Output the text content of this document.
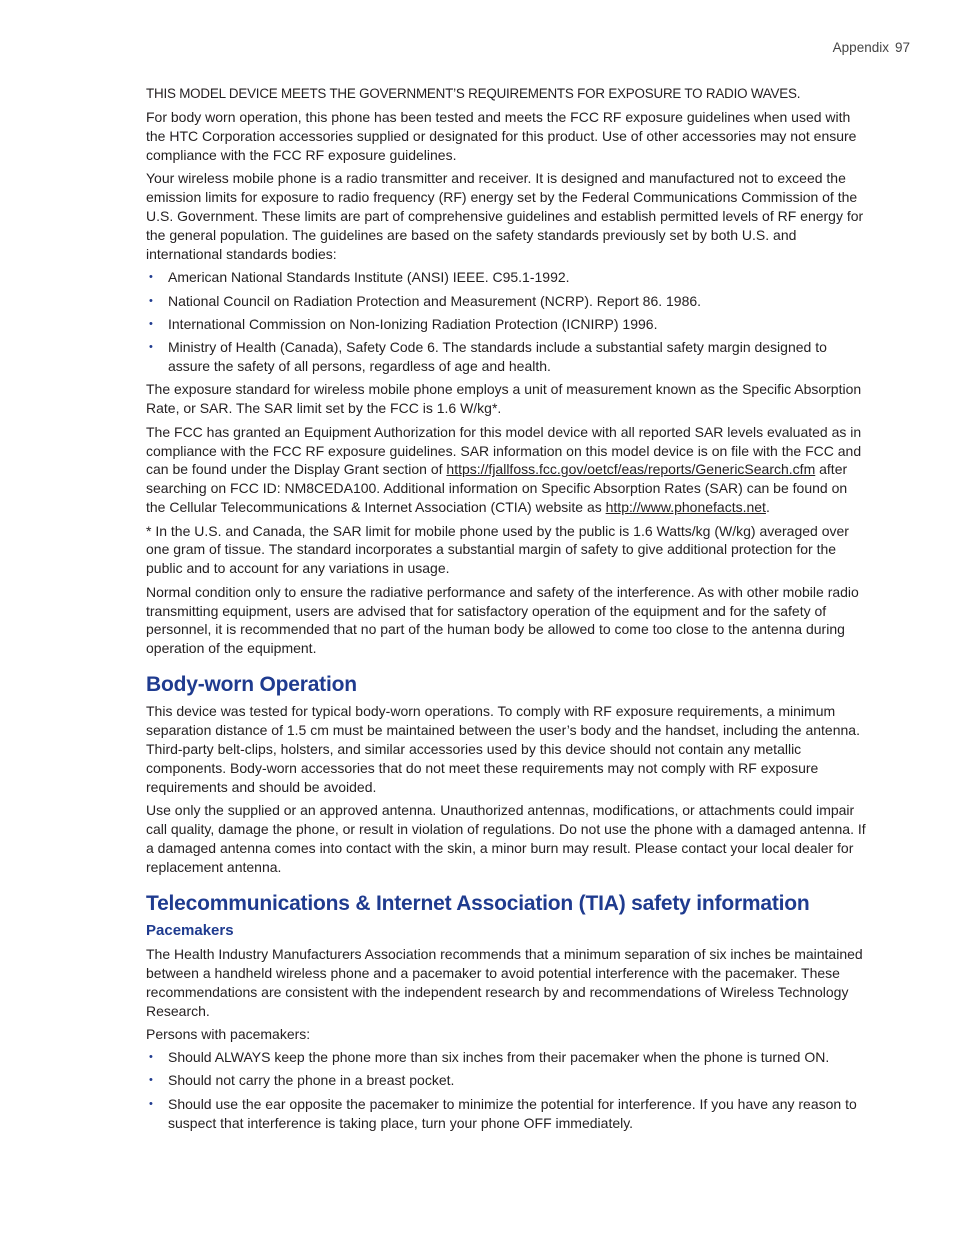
Appendix 97

THIS MODEL DEVICE MEETS THE GOVERNMENT’S REQUIREMENTS FOR EXPOSURE TO RADIO WAVES.

For body worn operation, this phone has been tested and meets the FCC RF exposure guidelines when used with the HTC Corporation accessories supplied or designated for this product. Use of other accessories may not ensure compliance with the FCC RF exposure guidelines.

Your wireless mobile phone is a radio transmitter and receiver. It is designed and manufactured not to exceed the emission limits for exposure to radio frequency (RF) energy set by the Federal Communications Commission of the U.S. Government. These limits are part of comprehensive guidelines and establish permitted levels of RF energy for the general population. The guidelines are based on the safety standards previously set by both U.S. and international standards bodies:

• American National Standards Institute (ANSI) IEEE. C95.1-1992.
• National Council on Radiation Protection and Measurement (NCRP). Report 86. 1986.
• International Commission on Non-Ionizing Radiation Protection (ICNIRP) 1996.
• Ministry of Health (Canada), Safety Code 6. The standards include a substantial safety margin designed to assure the safety of all persons, regardless of age and health.

The exposure standard for wireless mobile phone employs a unit of measurement known as the Specific Absorption Rate, or SAR. The SAR limit set by the FCC is 1.6 W/kg*.

The FCC has granted an Equipment Authorization for this model device with all reported SAR levels evaluated as in compliance with the FCC RF exposure guidelines. SAR information on this model device is on file with the FCC and can be found under the Display Grant section of https://fjallfoss.fcc.gov/oetcf/eas/reports/GenericSearch.cfm after searching on FCC ID: NM8CEDA100. Additional information on Specific Absorption Rates (SAR) can be found on the Cellular Telecommunications & Internet Association (CTIA) website as http://www.phonefacts.net.

* In the U.S. and Canada, the SAR limit for mobile phone used by the public is 1.6 Watts/kg (W/kg) averaged over one gram of tissue. The standard incorporates a substantial margin of safety to give additional protection for the public and to account for any variations in usage.

Normal condition only to ensure the radiative performance and safety of the interference. As with other mobile radio transmitting equipment, users are advised that for satisfactory operation of the equipment and for the safety of personnel, it is recommended that no part of the human body be allowed to come too close to the antenna during operation of the equipment.

Body-worn Operation

This device was tested for typical body-worn operations. To comply with RF exposure requirements, a minimum separation distance of 1.5 cm must be maintained between the user’s body and the handset, including the antenna. Third-party belt-clips, holsters, and similar accessories used by this device should not contain any metallic components. Body-worn accessories that do not meet these requirements may not comply with RF exposure requirements and should be avoided.

Use only the supplied or an approved antenna. Unauthorized antennas, modifications, or attachments could impair call quality, damage the phone, or result in violation of regulations. Do not use the phone with a damaged antenna. If a damaged antenna comes into contact with the skin, a minor burn may result. Please contact your local dealer for replacement antenna.

Telecommunications & Internet Association (TIA) safety information
Pacemakers

The Health Industry Manufacturers Association recommends that a minimum separation of six inches be maintained between a handheld wireless phone and a pacemaker to avoid potential interference with the pacemaker. These recommendations are consistent with the independent research by and recommendations of Wireless Technology Research.

Persons with pacemakers:

• Should ALWAYS keep the phone more than six inches from their pacemaker when the phone is turned ON.
• Should not carry the phone in a breast pocket.
• Should use the ear opposite the pacemaker to minimize the potential for interference. If you have any reason to suspect that interference is taking place, turn your phone OFF immediately.
